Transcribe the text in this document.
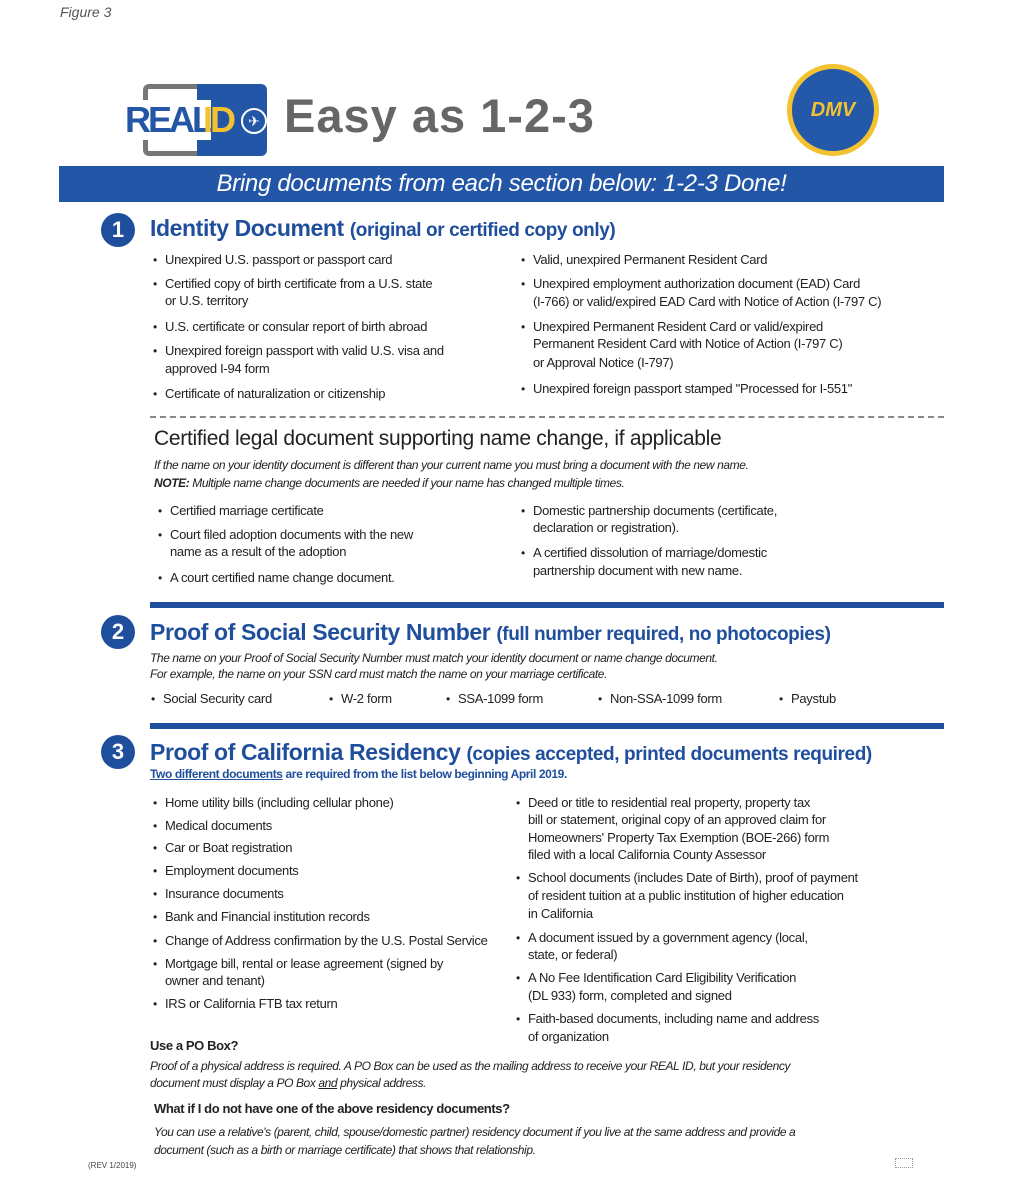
Figure 3
REAL
ID	✈ Easy as 1-2-3	DMV
Bring documents from each section below: 1-2-3 Done!
1	Identity Document (original or certified copy only)
• Unexpired U.S. passport or passport card
• Certified copy of birth certificate from a U.S. state
or U.S. territory
• U.S. certificate or consular report of birth abroad
• Unexpired foreign passport with valid U.S. visa and
approved I-94 form
• Certificate of naturalization or citizenship
• Valid, unexpired Permanent Resident Card
• Unexpired employment authorization document (EAD) Card
(I-766) or valid/expired EAD Card with Notice of Action (I-797 C)
• Unexpired Permanent Resident Card or valid/expired
Permanent Resident Card with Notice of Action (I-797 C)
or Approval Notice (I-797)
• Unexpired foreign passport stamped "Processed for I-551"
Certified legal document supporting name change, if applicable
If the name on your identity document is different than your current name you must bring a document with the new name.
NOTE: Multiple name change documents are needed if your name has changed multiple times.
• Certified marriage certificate
• Court filed adoption documents with the new
name as a result of the adoption
• A court certified name change document.
• Domestic partnership documents (certificate,
declaration or registration).
• A certified dissolution of marriage/domestic
partnership document with new name.
2	Proof of Social Security Number (full number required, no photocopies)
The name on your Proof of Social Security Number must match your identity document or name change document.
For example, the name on your SSN card must match the name on your marriage certificate.
• Social Security card	• W-2 form	• SSA-1099 form	• Non-SSA-1099 form	• Paystub
3	Proof of California Residency (copies accepted, printed documents required)
Two different documents are required from the list below beginning April 2019.
• Home utility bills (including cellular phone)
• Medical documents
• Car or Boat registration
• Employment documents
• Insurance documents
• Bank and Financial institution records
• Change of Address confirmation by the U.S. Postal Service
• Mortgage bill, rental or lease agreement (signed by
owner and tenant)
• IRS or California FTB tax return
• Deed or title to residential real property, property tax
bill or statement, original copy of an approved claim for
Homeowners' Property Tax Exemption (BOE-266) form
filed with a local California County Assessor
• School documents (includes Date of Birth), proof of payment
of resident tuition at a public institution of higher education
in California
• A document issued by a government agency (local,
state, or federal)
• A No Fee Identification Card Eligibility Verification
(DL 933) form, completed and signed
• Faith-based documents, including name and address
of organization
Use a PO Box?
Proof of a physical address is required. A PO Box can be used as the mailing address to receive your REAL ID, but your residency
document must display a PO Box and physical address.
What if I do not have one of the above residency documents?
You can use a relative's (parent, child, spouse/domestic partner) residency document if you live at the same address and provide a
document (such as a birth or marriage certificate) that shows that relationship.
(REV 1/2019)
